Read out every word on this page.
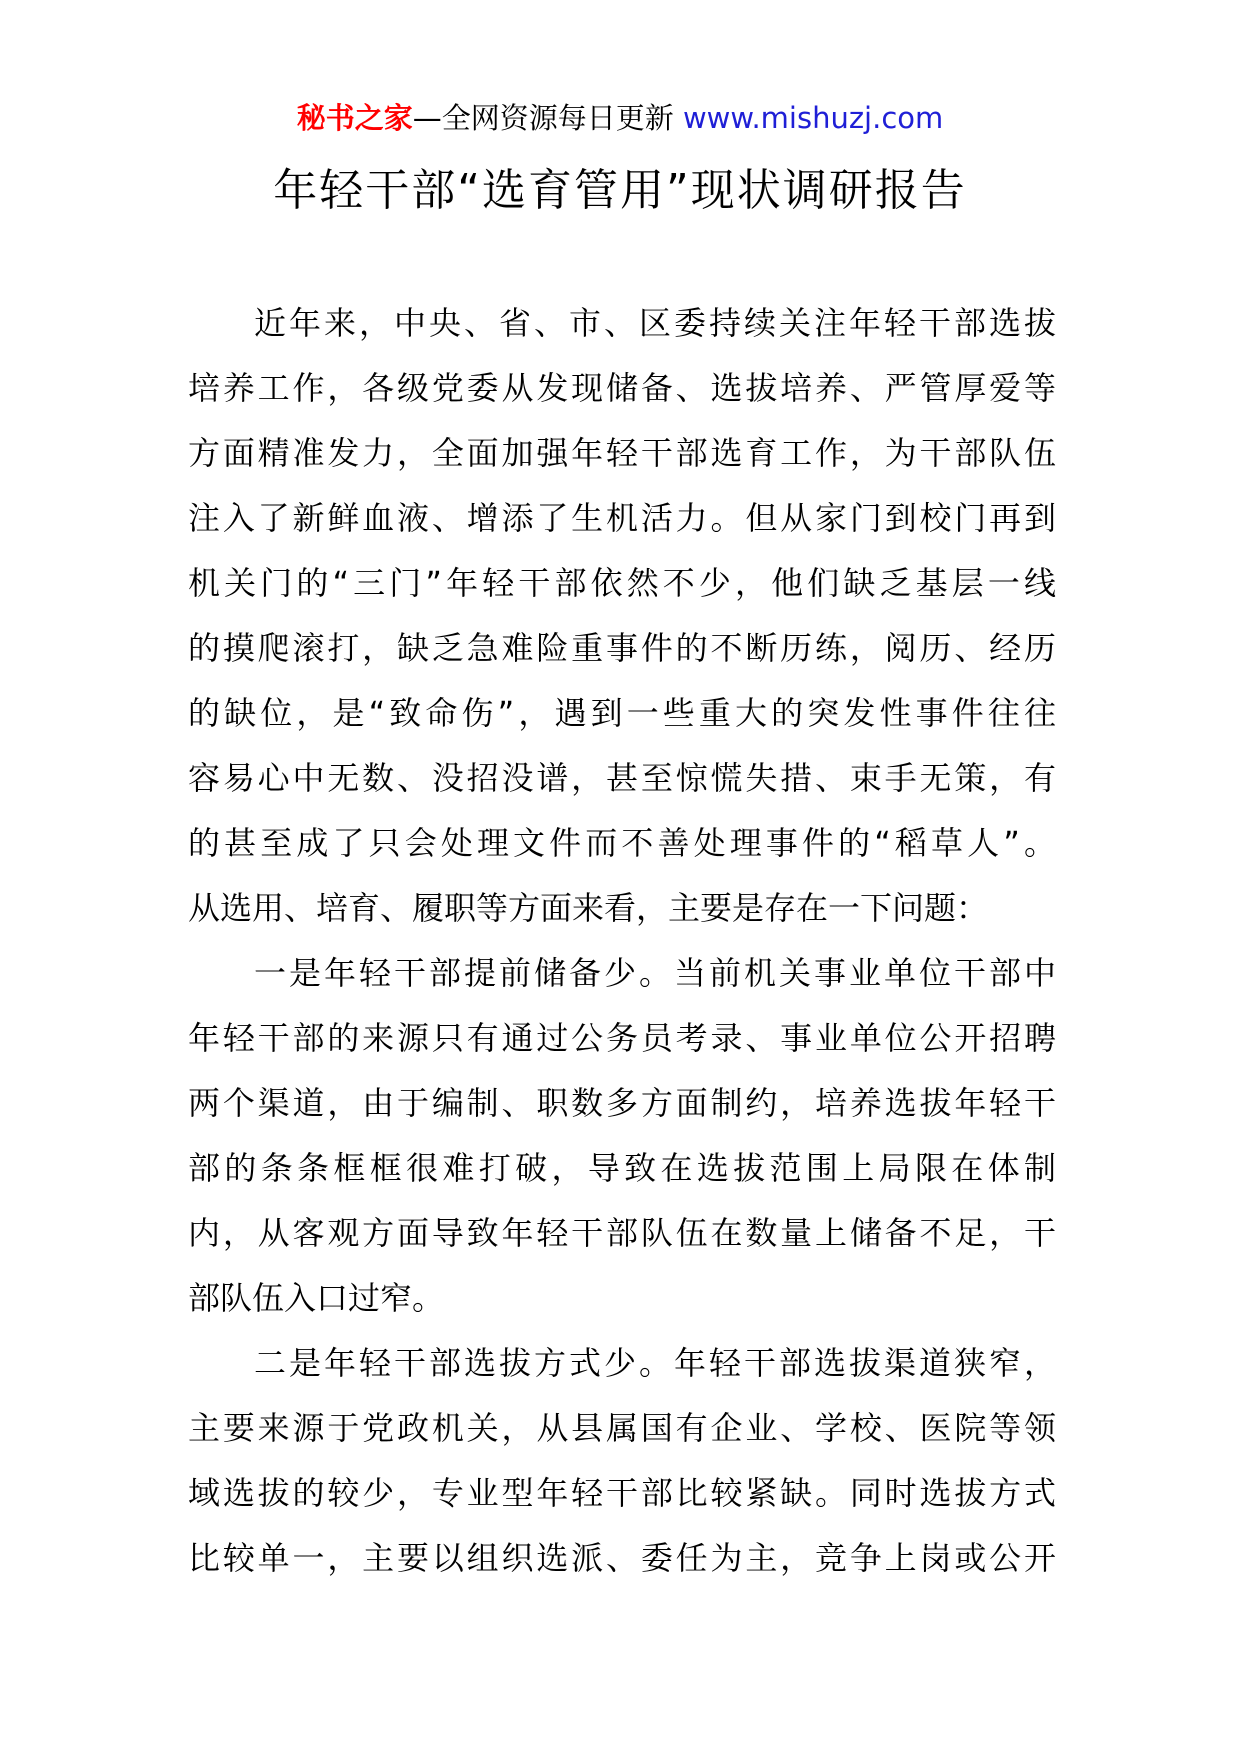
秘书之家—全网资源每日更新 www.mishuzj.com
年轻干部“选育管用”现状调研报告
近年来，中央、省、市、区委持续关注年轻干部选拔
培养工作，各级党委从发现储备、选拔培养、严管厚爱等
方面精准发力，全面加强年轻干部选育工作，为干部队伍
注入了新鲜血液、增添了生机活力。但从家门到校门再到
机关门的“三门”年轻干部依然不少，他们缺乏基层一线
的摸爬滚打，缺乏急难险重事件的不断历练，阅历、经历
的缺位，是“致命伤”，遇到一些重大的突发性事件往往
容易心中无数、没招没谱，甚至惊慌失措、束手无策，有
的甚至成了只会处理文件而不善处理事件的“稻草人”。
从选用、培育、履职等方面来看，主要是存在一下问题：
一是年轻干部提前储备少。当前机关事业单位干部中
年轻干部的来源只有通过公务员考录、事业单位公开招聘
两个渠道，由于编制、职数多方面制约，培养选拔年轻干
部的条条框框很难打破，导致在选拔范围上局限在体制
内，从客观方面导致年轻干部队伍在数量上储备不足，干
部队伍入口过窄。
二是年轻干部选拔方式少。年轻干部选拔渠道狭窄，
主要来源于党政机关，从县属国有企业、学校、医院等领
域选拔的较少，专业型年轻干部比较紧缺。同时选拔方式
比较单一，主要以组织选派、委任为主，竞争上岗或公开
